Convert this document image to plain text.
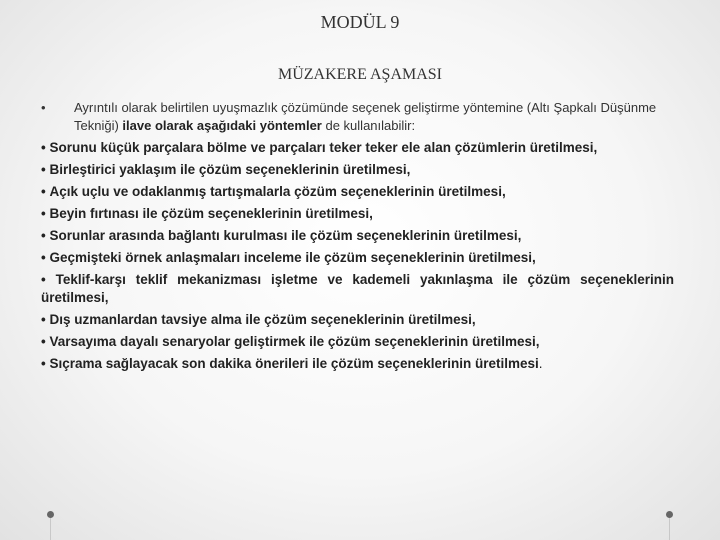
MODÜL 9
MÜZAKERE AŞAMASI
• Ayrıntılı olarak belirtilen uyuşmazlık çözümünde seçenek geliştirme yöntemine (Altı Şapkalı Düşünme Tekniği) ilave olarak aşağıdaki yöntemler de kullanılabilir:
• Sorunu küçük parçalara bölme ve parçaları teker teker ele alan çözümlerin üretilmesi,
• Birleştirici yaklaşım ile çözüm seçeneklerinin üretilmesi,
• Açık uçlu ve odaklanmış tartışmalarla çözüm seçeneklerinin üretilmesi,
• Beyin fırtınası ile çözüm seçeneklerinin üretilmesi,
• Sorunlar arasında bağlantı kurulması ile çözüm seçeneklerinin üretilmesi,
• Geçmişteki örnek anlaşmaları inceleme ile çözüm seçeneklerinin üretilmesi,
• Teklif-karşı teklif mekanizması işletme ve kademeli yakınlaşma ile çözüm seçeneklerinin üretilmesi,
• Dış uzmanlardan tavsiye alma ile çözüm seçeneklerinin üretilmesi,
• Varsayıma dayalı senaryolar geliştirmek ile çözüm seçeneklerinin üretilmesi,
• Sıçrama sağlayacak son dakika önerileri ile çözüm seçeneklerinin üretilmesi.
